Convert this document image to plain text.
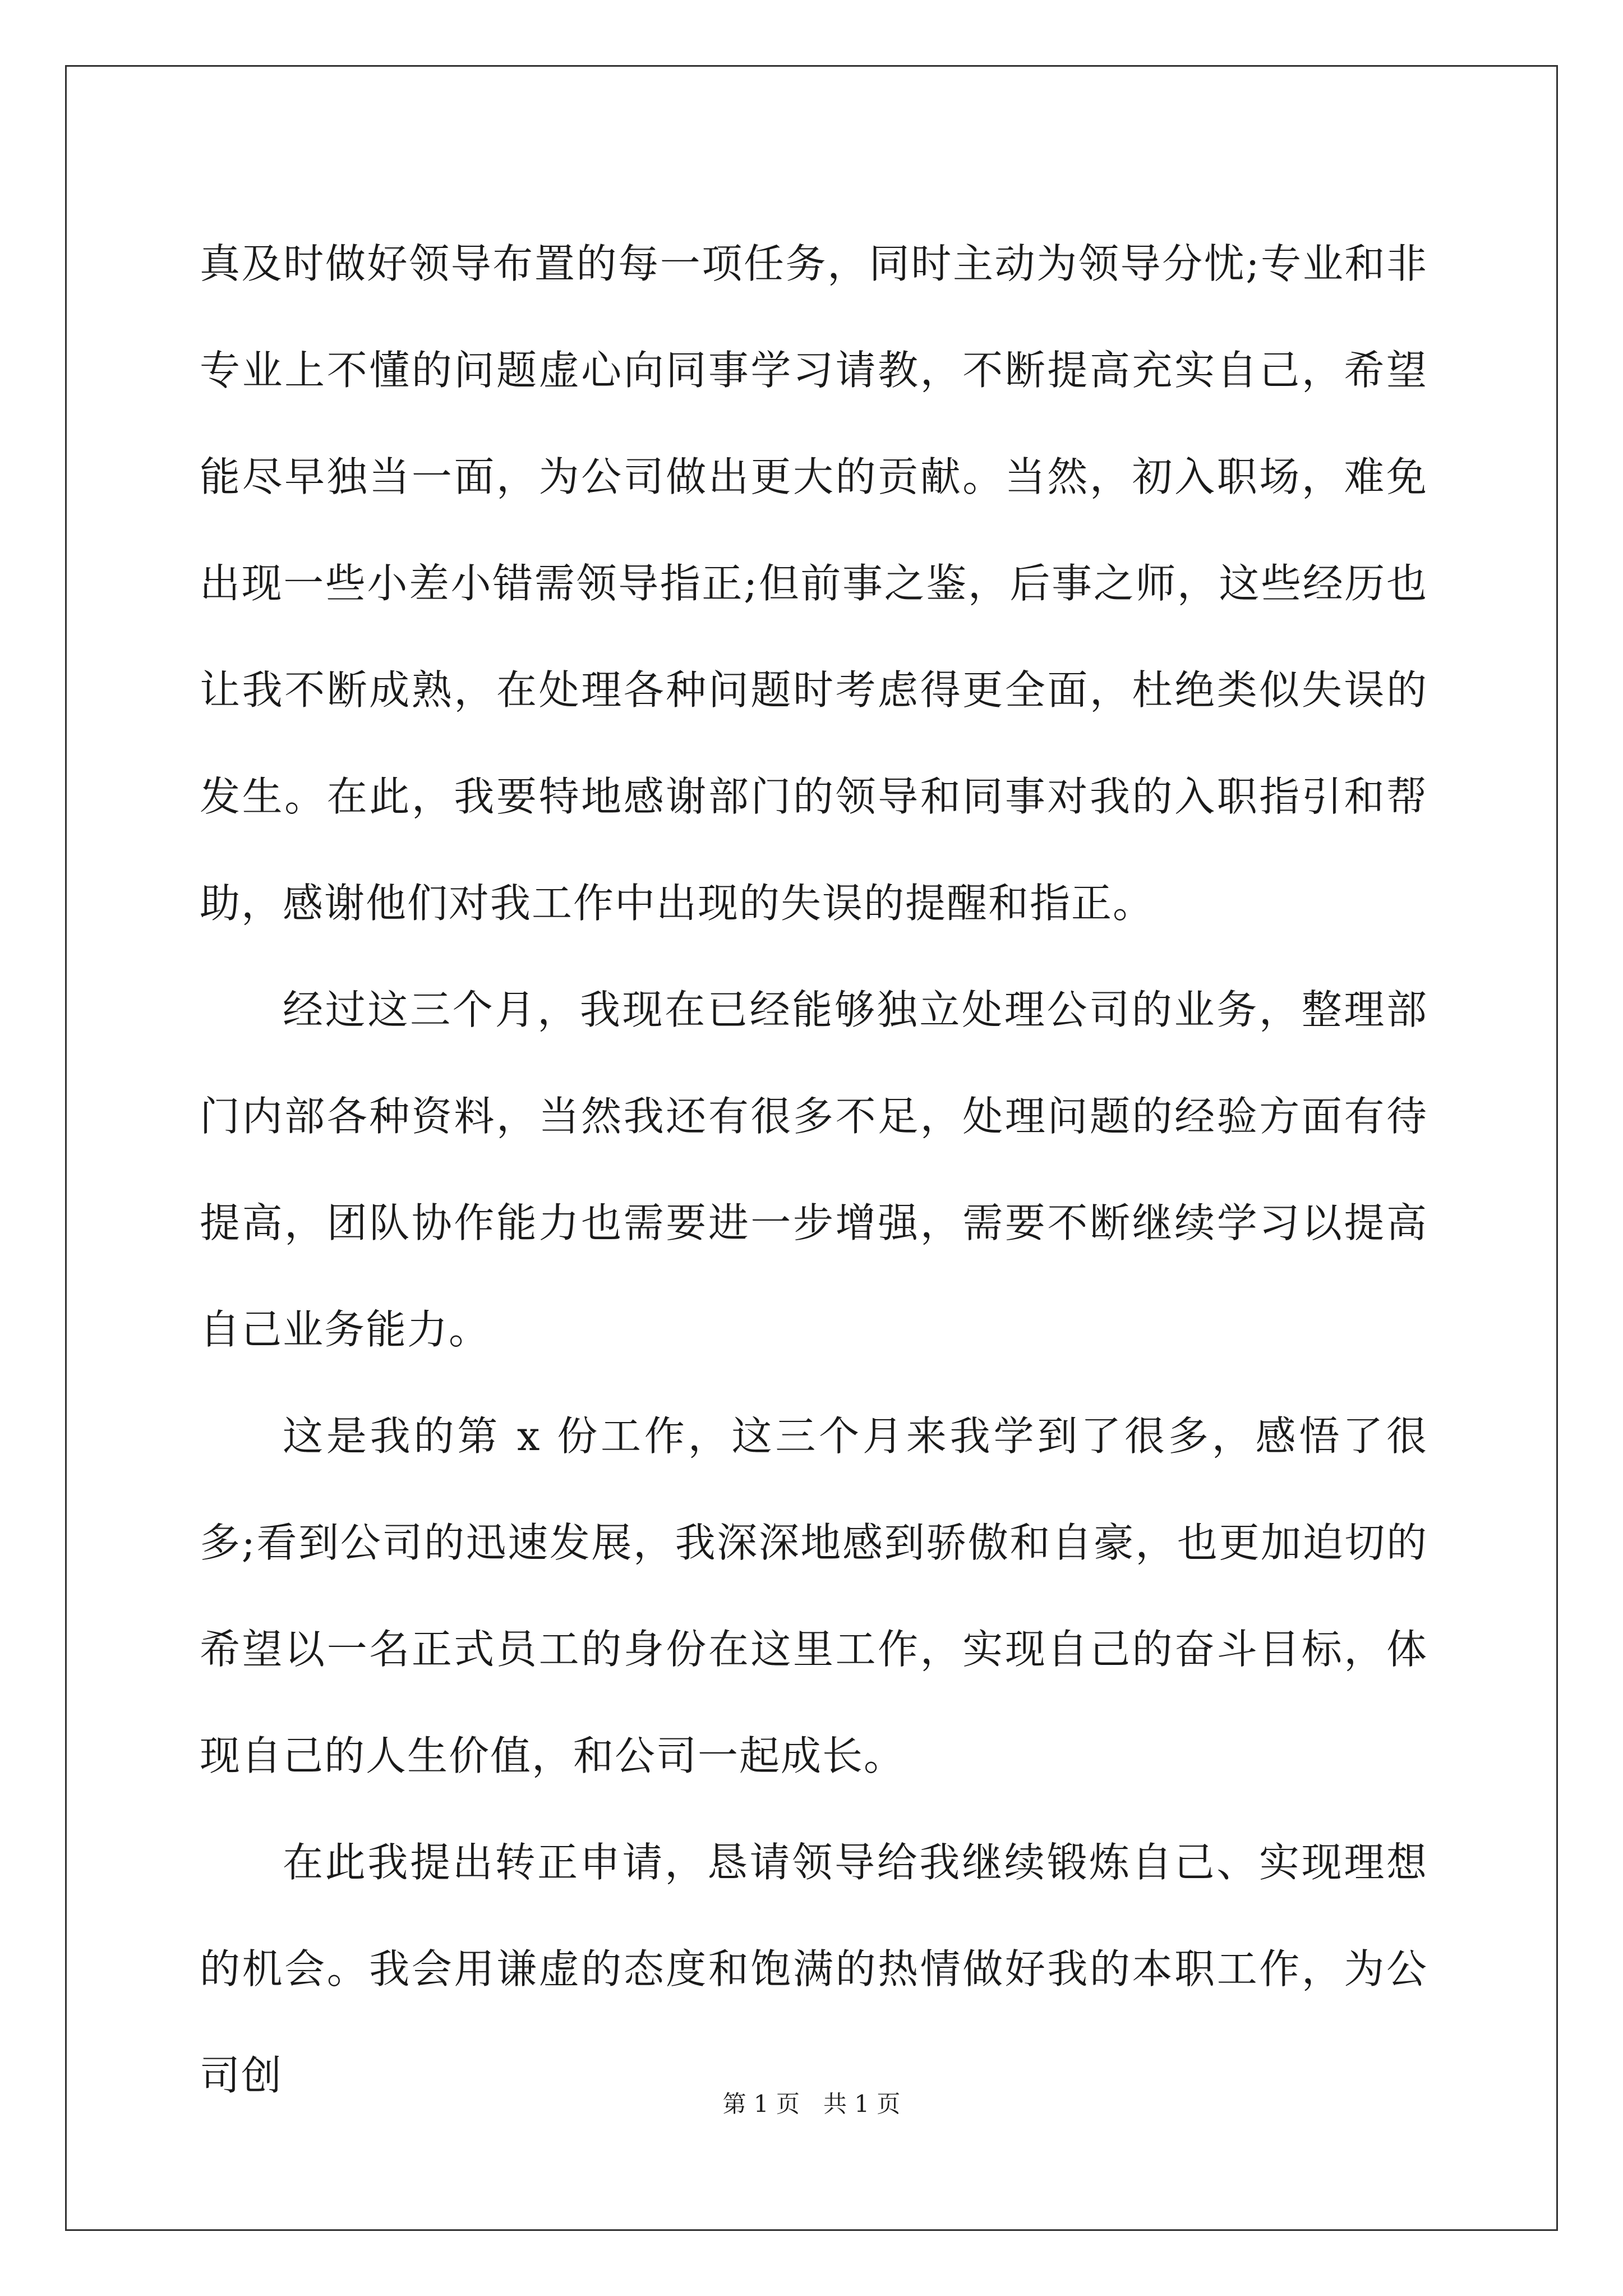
真及时做好领导布置的每一项任务，同时主动为领导分忧;专业和非专业上不懂的问题虚心向同事学习请教，不断提高充实自己，希望能尽早独当一面，为公司做出更大的贡献。当然，初入职场，难免出现一些小差小错需领导指正;但前事之鉴，后事之师，这些经历也让我不断成熟，在处理各种问题时考虑得更全面，杜绝类似失误的发生。在此，我要特地感谢部门的领导和同事对我的入职指引和帮助，感谢他们对我工作中出现的失误的提醒和指正。

经过这三个月，我现在已经能够独立处理公司的业务，整理部门内部各种资料，当然我还有很多不足，处理问题的经验方面有待提高，团队协作能力也需要进一步增强，需要不断继续学习以提高自己业务能力。

这是我的第 x 份工作，这三个月来我学到了很多，感悟了很多;看到公司的迅速发展，我深深地感到骄傲和自豪，也更加迫切的希望以一名正式员工的身份在这里工作，实现自己的奋斗目标，体现自己的人生价值，和公司一起成长。

在此我提出转正申请，恳请领导给我继续锻炼自己、实现理想的机会。我会用谦虚的态度和饱满的热情做好我的本职工作，为公司创

第 1 页　共 1 页
